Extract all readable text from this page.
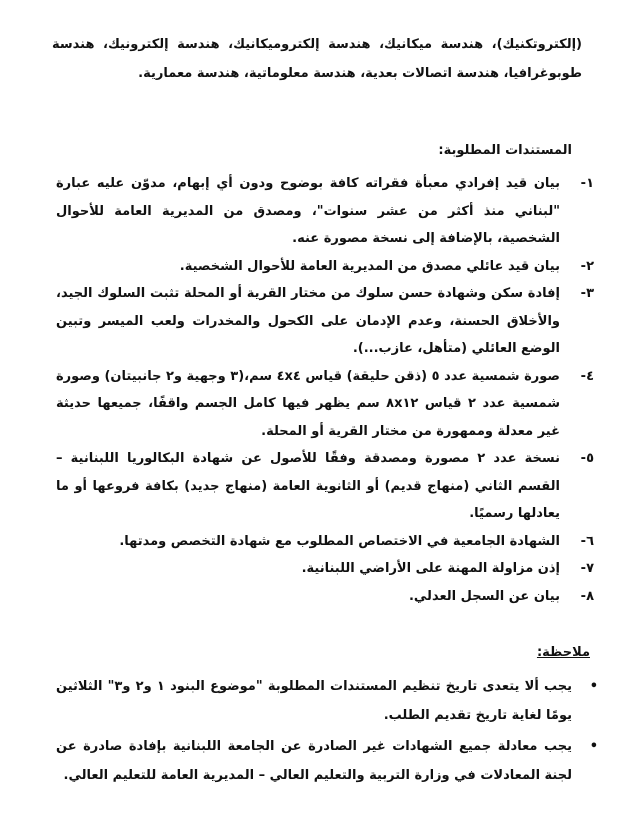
(إلكتروتكنيك)، هندسة ميكانيك، هندسة إلكتروميكانيك، هندسة إلكترونيك، هندسة طوبوغرافيا، هندسة اتصالات بعدية، هندسة معلوماتية، هندسة معمارية.

المستندات المطلوبة:
١-
بيان قيد إفرادي معبأة فقراته كافة بوضوح ودون أي إبهام، مدوّن عليه عبارة "لبناني منذ أكثر من عشر سنوات"، ومصدق من المديرية العامة للأحوال الشخصية، بالإضافة إلى نسخة مصورة عنه.
٢-
بيان قيد عائلي مصدق من المديرية العامة للأحوال الشخصية.
٣-
إفادة سكن وشهادة حسن سلوك من مختار القرية أو المحلة تثبت السلوك الجيد، والأخلاق الحسنة، وعدم الإدمان على الكحول والمخدرات ولعب الميسر وتبين الوضع العائلي (متأهل، عازب...).
٤-
صورة شمسية عدد ٥ (ذقن حليقة) قياس ٤x٤ سم،(٣ وجهية و٢ جانبيتان) وصورة شمسية عدد ٢ قياس ٨x١٢ سم يظهر فيها كامل الجسم واقفًا، جميعها حديثة غير معدلة وممهورة من مختار القرية أو المحلة.
٥-
نسخة عدد ٢ مصورة ومصدقة وفقًا للأصول عن شهادة البكالوريا اللبنانية – القسم الثاني (منهاج قديم) أو الثانوية العامة (منهاج جديد) بكافة فروعها أو ما يعادلها رسميًا.
٦-
الشهادة الجامعية في الاختصاص المطلوب مع شهادة التخصص ومدتها.
٧-
إذن مزاولة المهنة على الأراضي اللبنانية.
٨-
بيان عن السجل العدلي.
ملاحظة:
•
يجب ألا يتعدى تاريخ تنظيم المستندات المطلوبة "موضوع البنود ١ و٢ و٣" الثلاثين يومًا لغاية تاريخ تقديم الطلب.
•
يجب معادلة جميع الشهادات غير الصادرة عن الجامعة اللبنانية بإفادة صادرة عن لجنة المعادلات في وزارة التربية والتعليم العالي – المديرية العامة للتعليم العالي.
